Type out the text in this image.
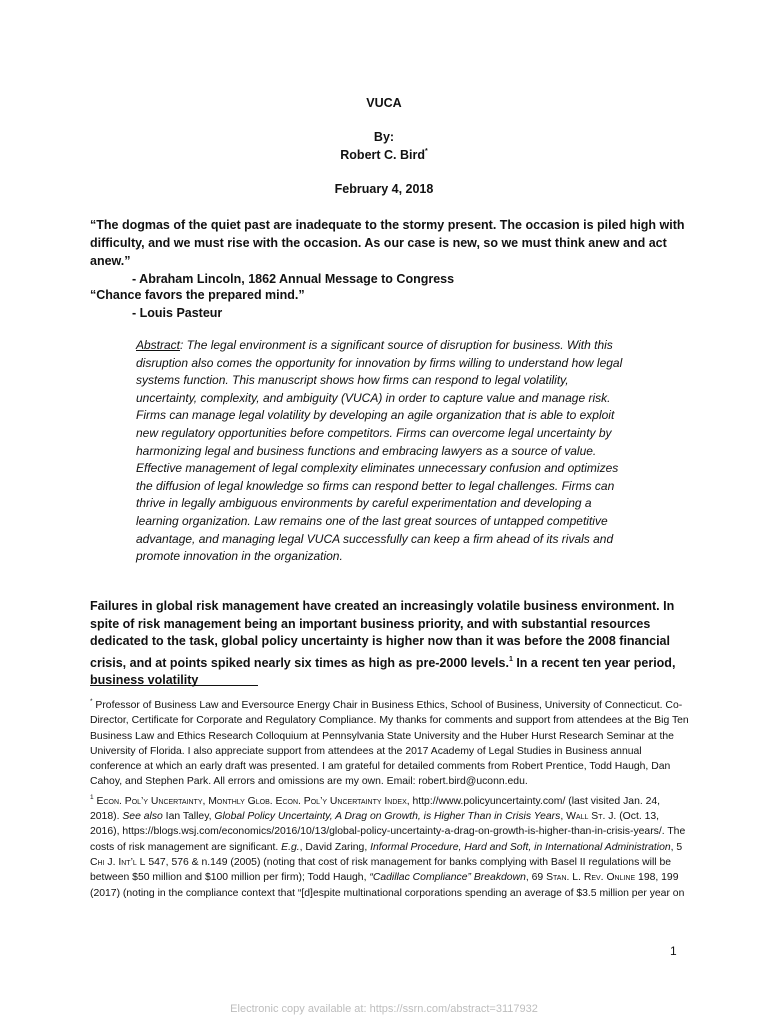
VUCA
By:
Robert C. Bird*
February 4, 2018
“The dogmas of the quiet past are inadequate to the stormy present. The occasion is piled high with difficulty, and we must rise with the occasion. As our case is new, so we must think anew and act anew.”
- Abraham Lincoln, 1862 Annual Message to Congress
“Chance favors the prepared mind.”
- Louis Pasteur
Abstract: The legal environment is a significant source of disruption for business. With this disruption also comes the opportunity for innovation by firms willing to understand how legal systems function. This manuscript shows how firms can respond to legal volatility, uncertainty, complexity, and ambiguity (VUCA) in order to capture value and manage risk. Firms can manage legal volatility by developing an agile organization that is able to exploit new regulatory opportunities before competitors. Firms can overcome legal uncertainty by harmonizing legal and business functions and embracing lawyers as a source of value. Effective management of legal complexity eliminates unnecessary confusion and optimizes the diffusion of legal knowledge so firms can respond better to legal challenges. Firms can thrive in legally ambiguous environments by careful experimentation and developing a learning organization. Law remains one of the last great sources of untapped competitive advantage, and managing legal VUCA successfully can keep a firm ahead of its rivals and promote innovation in the organization.
Failures in global risk management have created an increasingly volatile business environment. In spite of risk management being an important business priority, and with substantial resources dedicated to the task, global policy uncertainty is higher now than it was before the 2008 financial crisis, and at points spiked nearly six times as high as pre-2000 levels.$^1$ In a recent ten year period, business volatility

* Professor of Business Law and Eversource Energy Chair in Business Ethics, School of Business, University of Connecticut. Co-Director, Certificate for Corporate and Regulatory Compliance. My thanks for comments and support from attendees at the Big Ten Business Law and Ethics Research Colloquium at Pennsylvania State University and the Huber Hurst Research Seminar at the University of Florida. I also appreciate support from attendees at the 2017 Academy of Legal Studies in Business annual conference at which an early draft was presented. I am grateful for detailed comments from Robert Prentice, Todd Haugh, Dan Cahoy, and Stephen Park. All errors and omissions are my own. Email: robert.bird@uconn.edu.

$^1$ Econ. Pol’y Uncertainty, Monthly Glob. Econ. Pol’y Uncertainty Index, http://www.policyuncertainty.com/ (last visited Jan. 24, 2018). See also Ian Talley, Global Policy Uncertainty, A Drag on Growth, is Higher Than in Crisis Years, Wall St. J. (Oct. 13, 2016), https://blogs.wsj.com/economics/2016/10/13/global-policy-uncertainty-a-drag-on-growth-is-higher-than-in-crisis-years/. The costs of risk management are significant. E.g., David Zaring, Informal Procedure, Hard and Soft, in International Administration, 5 Chi J. Int’l L 547, 576 & n.149 (2005) (noting that cost of risk management for banks complying with Basel II regulations will be between $50 million and $100 million per firm); Todd Haugh, “Cadillac Compliance” Breakdown, 69 Stan. L. Rev. Online 198, 199 (2017) (noting in the compliance context that “[d]espite multinational corporations spending an average of $3.5 million per year on

1
Electronic copy available at: https://ssrn.com/abstract=3117932
